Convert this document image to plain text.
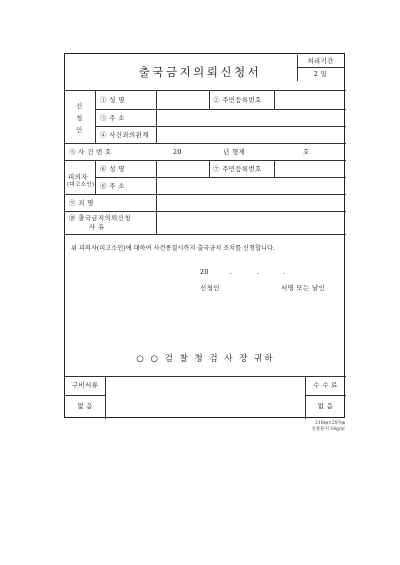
출국금지의뢰신청서
처리기간
2 일
신
청
인
① 성 명	② 주민등록번호
③ 주 소
④ 사건과의관계
⑤ 사 건 번 호	20	년 형제	호
피의자
(피고소인)
⑥ 성 명	⑦ 주민등록번호
⑧ 주 소
⑨ 죄 명
⑩ 출국금지의뢰신청
사 유
위 피의자(피고소인)에 대하여 사건종결시까지 출국금지 조치를 신청합니다.
20	.	.	.
신청인	서명 또는 날인
○ ○ 검 찰 청 검 사 장 귀하
구비서류
없 음
수 수 료
없 음
210㎜×297㎜
신문용지 54g/㎡
